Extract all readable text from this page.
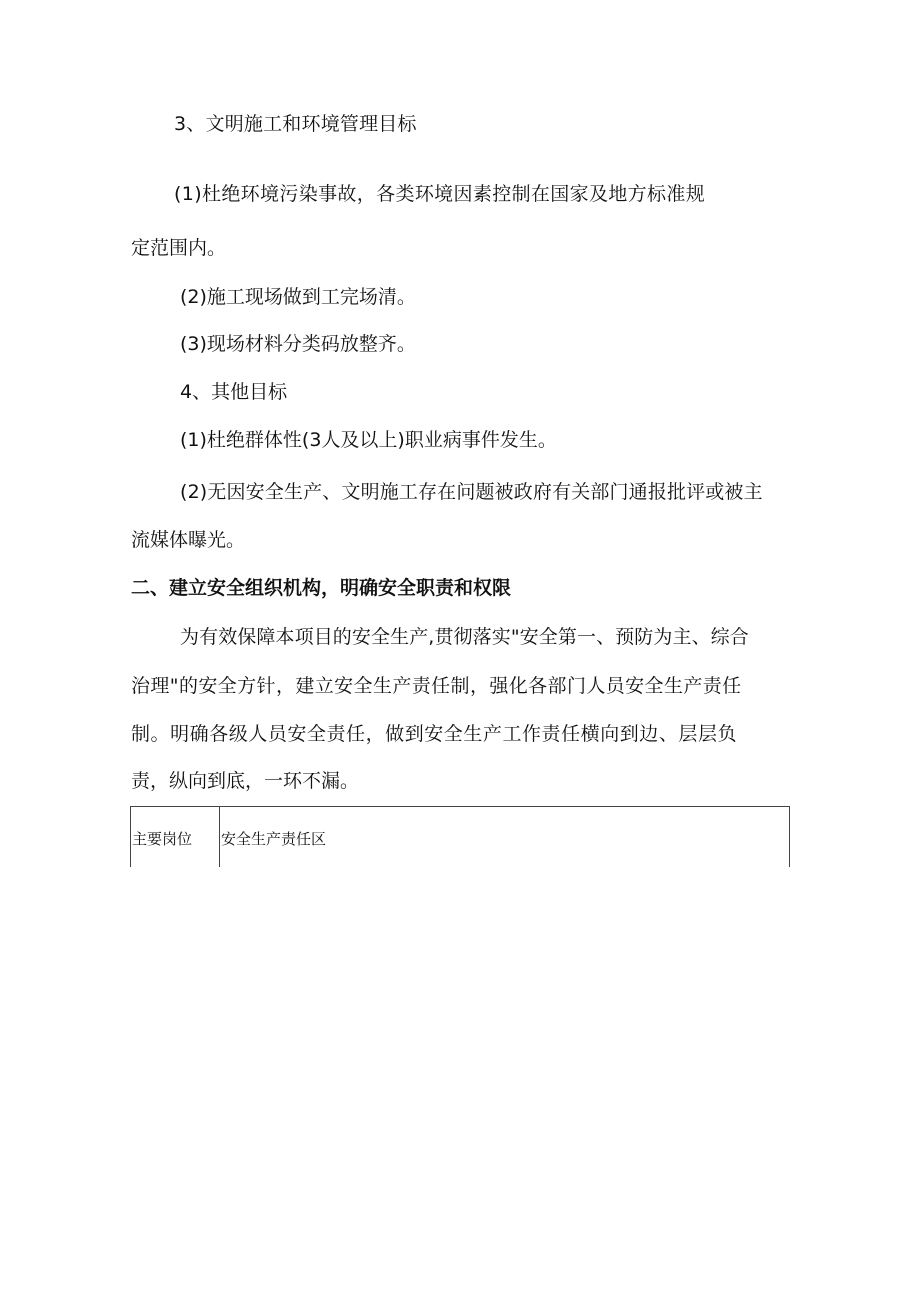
3、文明施工和环境管理目标

(1)杜绝环境污染事故，各类环境因素控制在国家及地方标准规

定范围内。

(2)施工现场做到工完场清。

(3)现场材料分类码放整齐。

4、其他目标

(1)杜绝群体性(3人及以上)职业病事件发生。

(2)无因安全生产、文明施工存在问题被政府有关部门通报批评或被主

流媒体曝光。

二、建立安全组织机构，明确安全职责和权限

为有效保障本项目的安全生产,贯彻落实"安全第一、预防为主、综合

治理"的安全方针，建立安全生产责任制，强化各部门人员安全生产责任

制。明确各级人员安全责任，做到安全生产工作责任横向到边、层层负

责，纵向到底，一环不漏。

主要岗位 安全生产责任区
